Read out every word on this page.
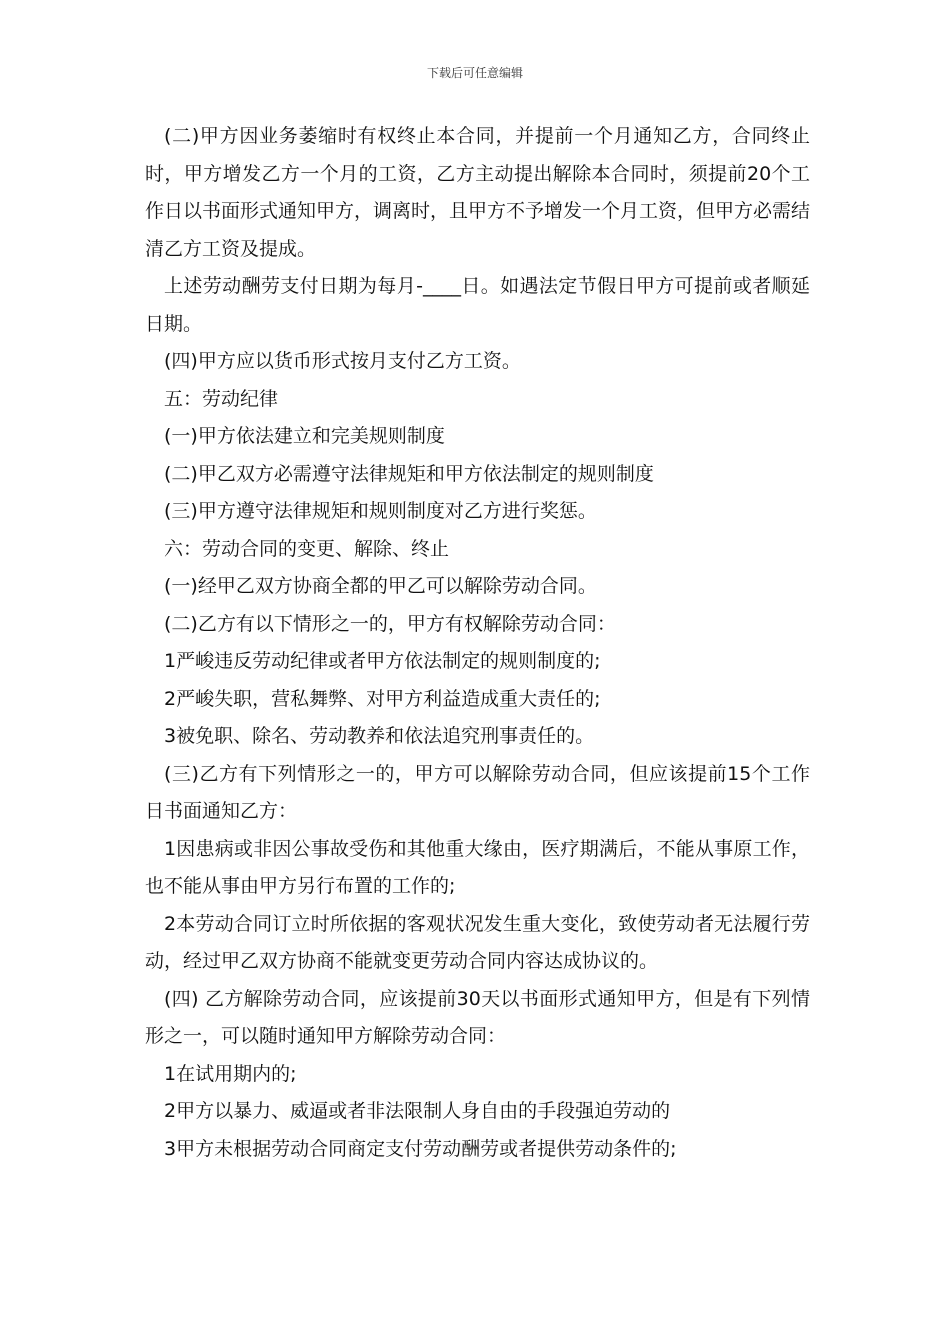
下载后可任意编辑

(二)甲方因业务萎缩时有权终止本合同，并提前一个月通知乙方，合同终止时，甲方增发乙方一个月的工资，乙方主动提出解除本合同时，须提前20个工作日以书面形式通知甲方，调离时，且甲方不予增发一个月工资，但甲方必需结清乙方工资及提成。

上述劳动酬劳支付日期为每月-____日。如遇法定节假日甲方可提前或者顺延日期。

(四)甲方应以货币形式按月支付乙方工资。

五：劳动纪律

(一)甲方依法建立和完美规则制度

(二)甲乙双方必需遵守法律规矩和甲方依法制定的规则制度

(三)甲方遵守法律规矩和规则制度对乙方进行奖惩。

六：劳动合同的变更、解除、终止

(一)经甲乙双方协商全都的甲乙可以解除劳动合同。

(二)乙方有以下情形之一的，甲方有权解除劳动合同：

1严峻违反劳动纪律或者甲方依法制定的规则制度的;

2严峻失职，营私舞弊、对甲方利益造成重大责任的;

3被免职、除名、劳动教养和依法追究刑事责任的。

(三)乙方有下列情形之一的，甲方可以解除劳动合同，但应该提前15个工作日书面通知乙方：

1因患病或非因公事故受伤和其他重大缘由，医疗期满后，不能从事原工作，也不能从事由甲方另行布置的工作的;

2本劳动合同订立时所依据的客观状况发生重大变化，致使劳动者无法履行劳动，经过甲乙双方协商不能就变更劳动合同内容达成协议的。

(四) 乙方解除劳动合同，应该提前30天以书面形式通知甲方，但是有下列情形之一，可以随时通知甲方解除劳动合同：

1在试用期内的;

2甲方以暴力、威逼或者非法限制人身自由的手段强迫劳动的

3甲方未根据劳动合同商定支付劳动酬劳或者提供劳动条件的;
